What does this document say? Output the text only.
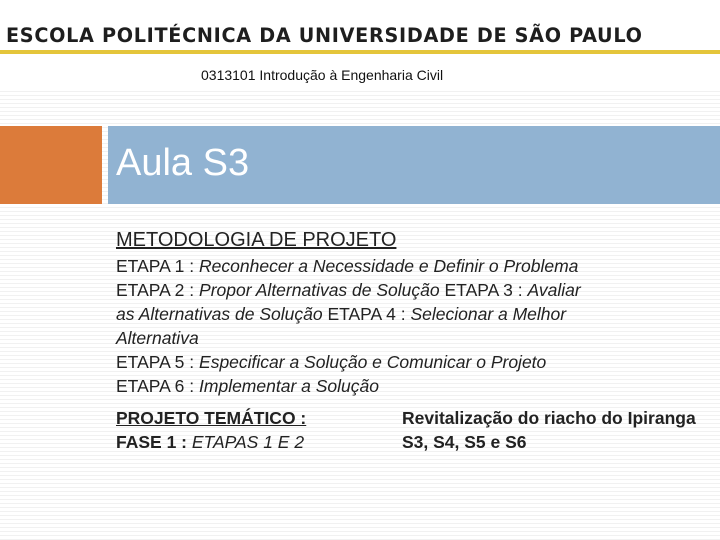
ESCOLA POLITÉCNICA DA UNIVERSIDADE DE SÃO PAULO
0313101 Introdução à Engenharia Civil
Aula S3
METODOLOGIA DE PROJETO

ETAPA 1 : Reconhecer a Necessidade e Definir o Problema
ETAPA 2 : Propor Alternativas de Solução ETAPA 3 : Avaliar as Alternativas de Solução ETAPA 4 : Selecionar a Melhor Alternativa
ETAPA 5 : Especificar a Solução e Comunicar o Projeto
ETAPA 6 : Implementar a Solução

PROJETO TEMÁTICO :	Revitalização do riacho do Ipiranga
FASE 1 : ETAPAS 1 E 2	S3, S4, S5 e S6
